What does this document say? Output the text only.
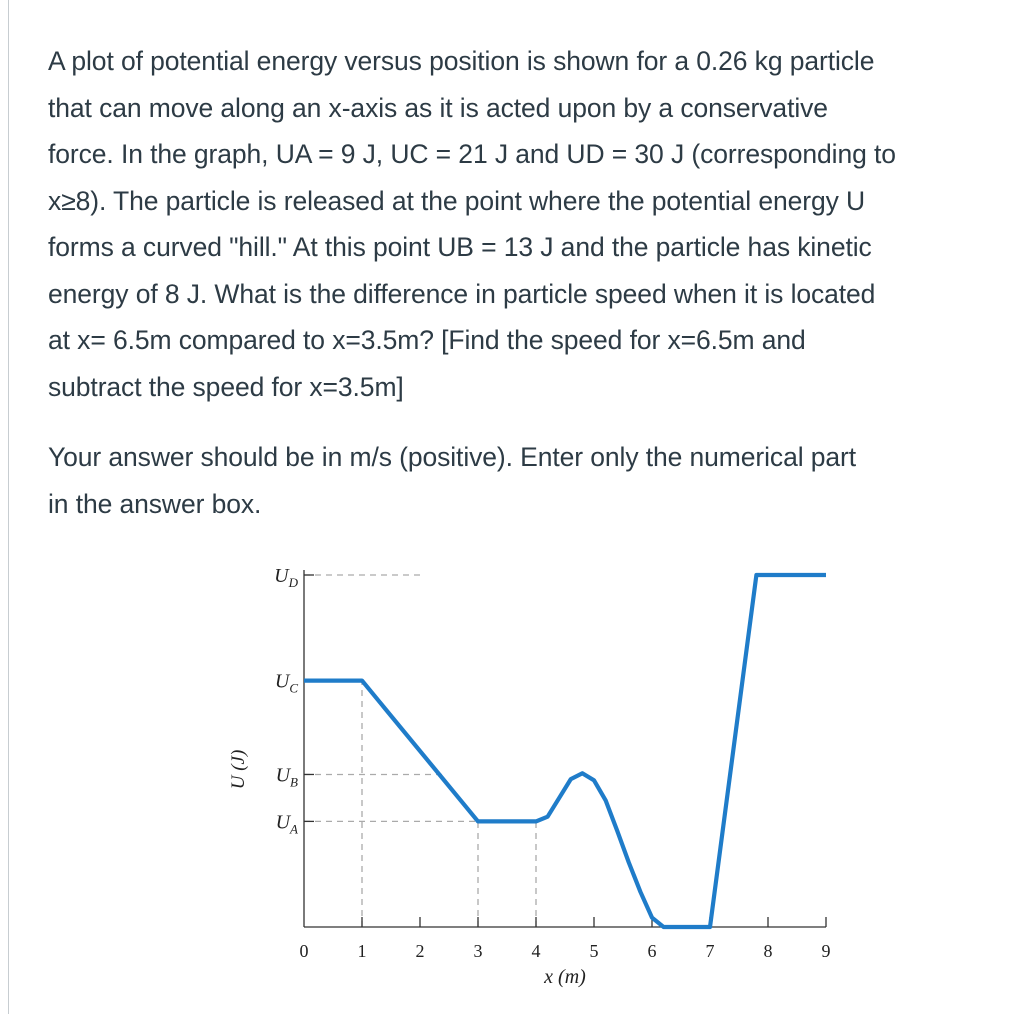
A plot of potential energy versus position is shown for a 0.26 kg particle
that can move along an x-axis as it is acted upon by a conservative
force. In the graph, UA = 9 J, UC = 21 J and UD = 30 J (corresponding to
x≥8). The particle is released at the point where the potential energy U
forms a curved "hill." At this point UB = 13 J and the particle has kinetic
energy of 8 J. What is the difference in particle speed when it is located
at x= 6.5m compared to x=3.5m? [Find the speed for x=6.5m and
subtract the speed for x=3.5m]

Your answer should be in m/s (positive). Enter only the numerical part
in the answer box.

0	1	2	3	4	5	6	7	8	9
x (m)
$U_D$
$U_C$
$U_B$
$U_A$
U (J)
